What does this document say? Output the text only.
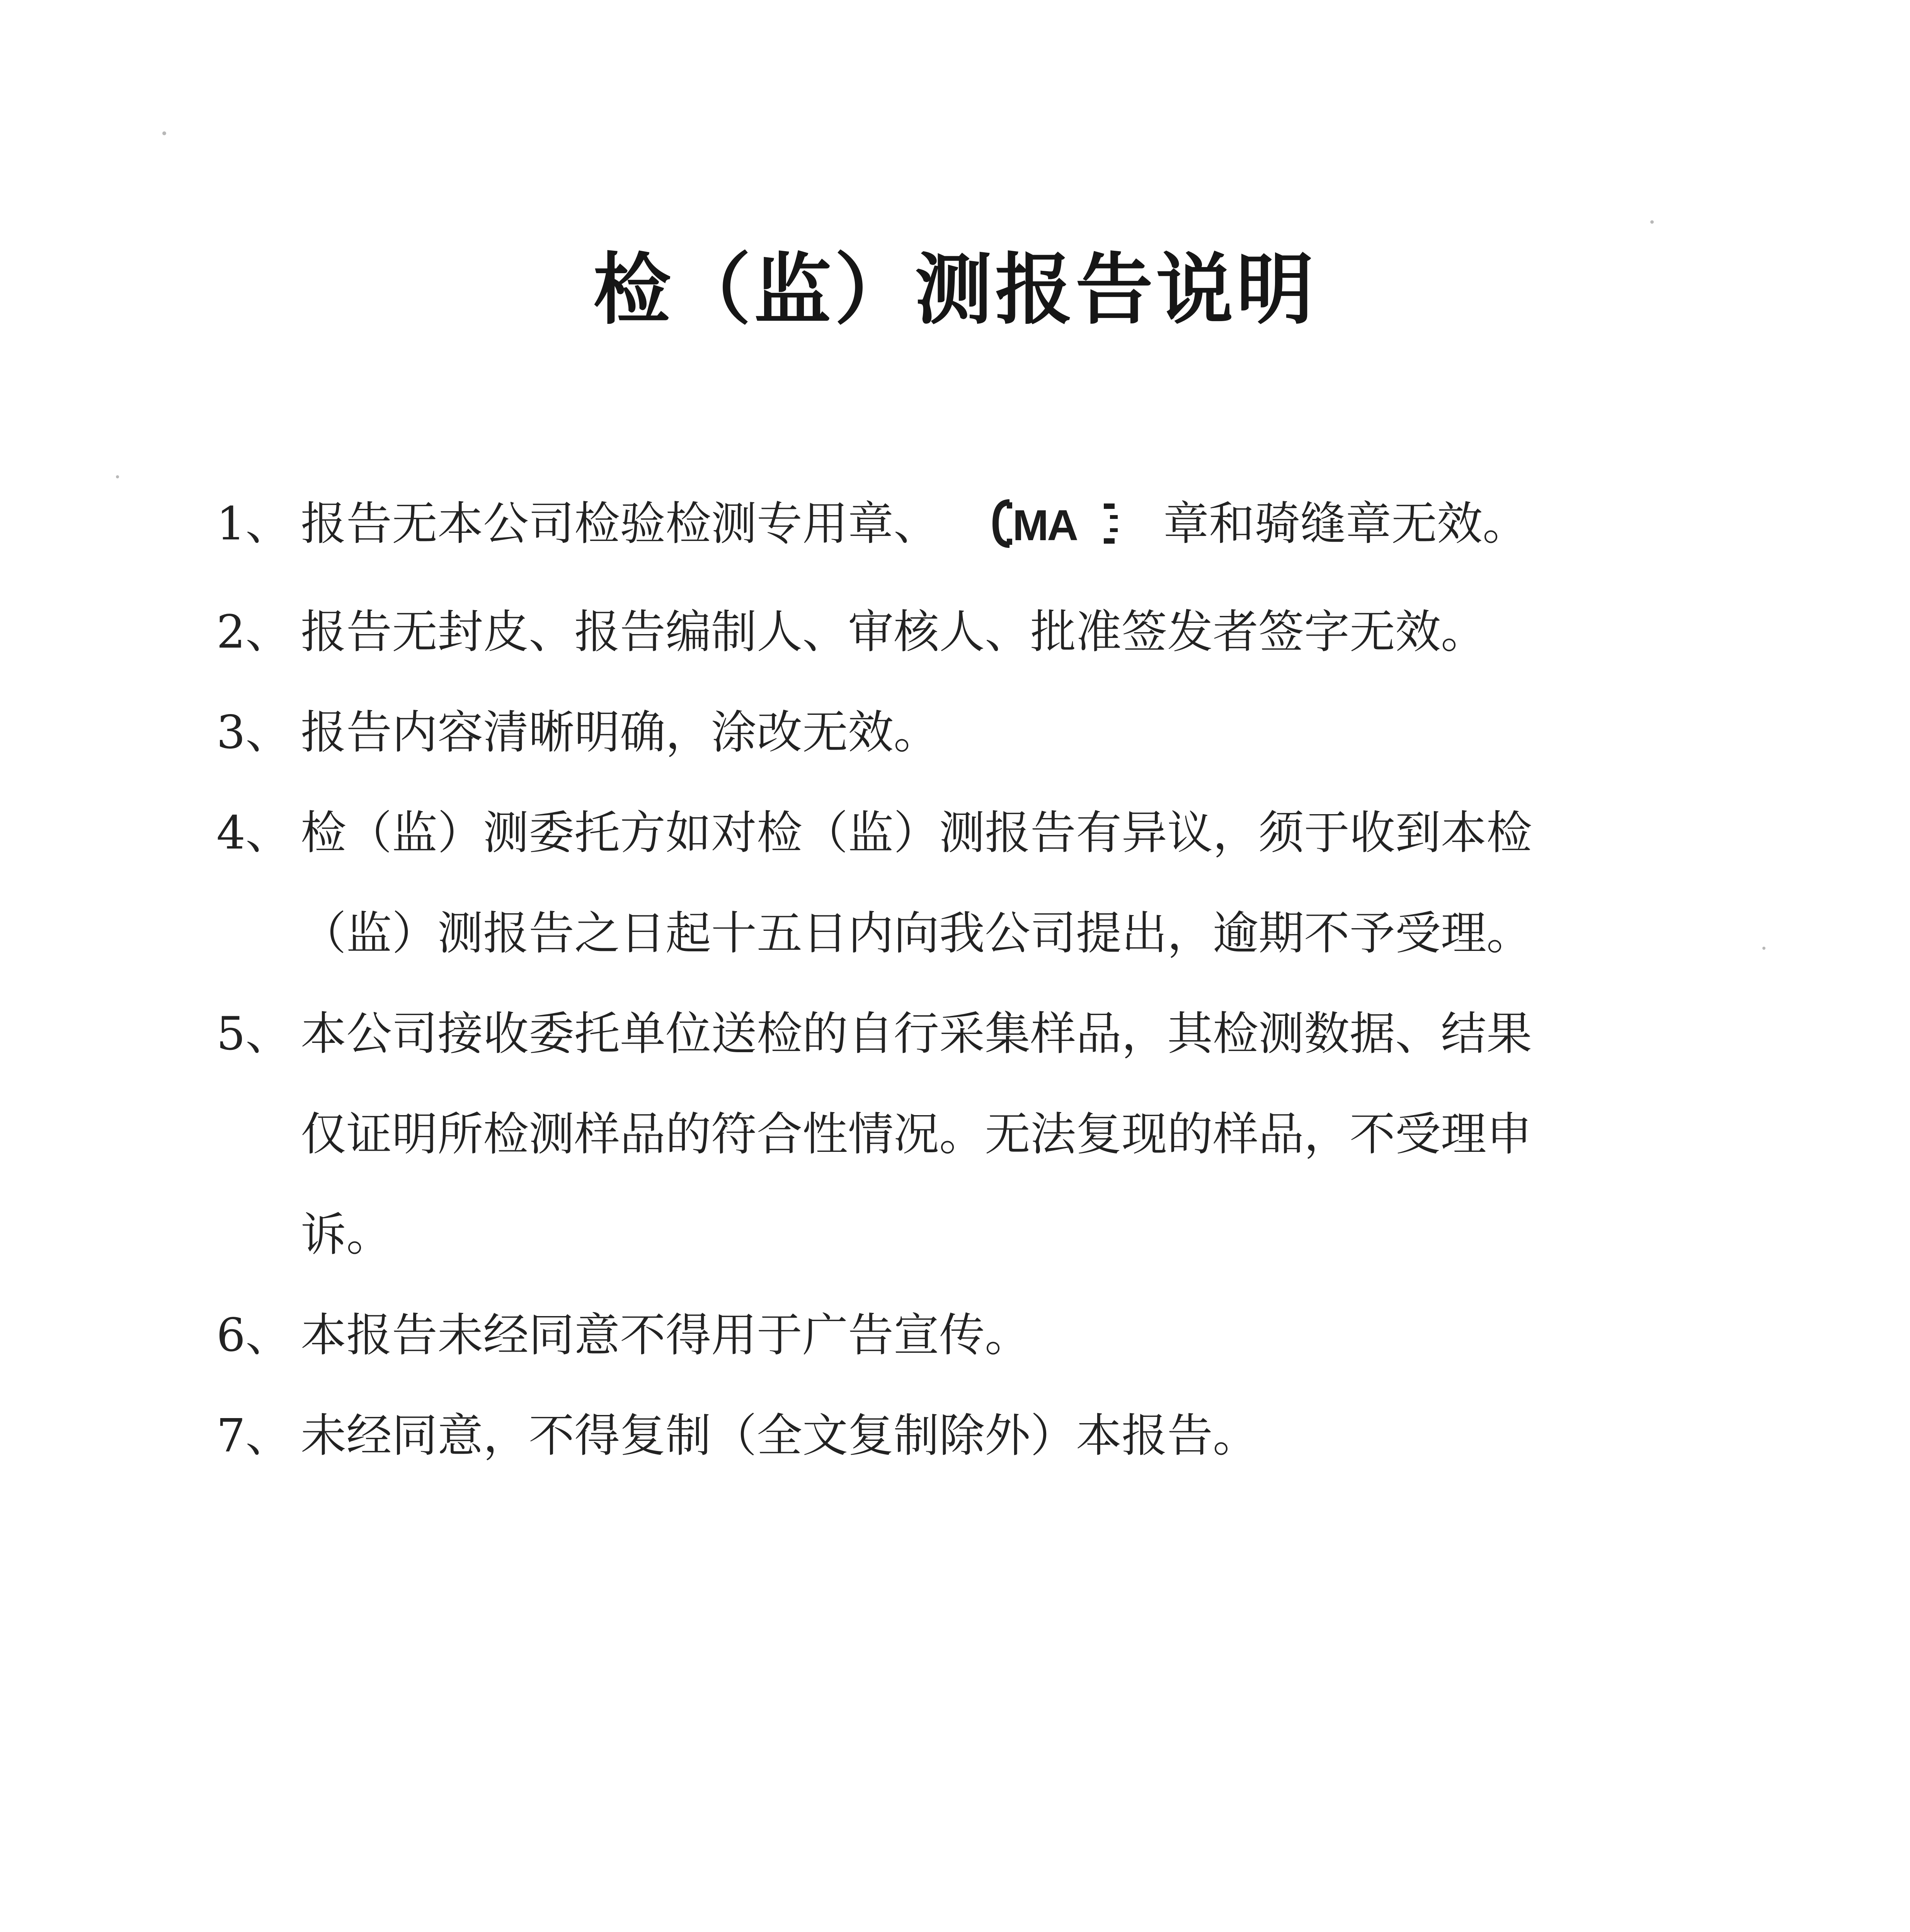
检（监）测报告说明
1、 报告无本公司检验检测专用章、 MA 章和骑缝章无效。
2、 报告无封皮、报告编制人、审核人、批准签发者签字无效。
3、 报告内容清晰明确，涂改无效。
4、 检（监）测委托方如对检（监）测报告有异议，须于收到本检
（监）测报告之日起十五日内向我公司提出，逾期不予受理。
5、 本公司接收委托单位送检的自行采集样品，其检测数据、结果
仅证明所检测样品的符合性情况。无法复现的样品，不受理申
诉。
6、 本报告未经同意不得用于广告宣传。
7、 未经同意，不得复制（全文复制除外）本报告。
